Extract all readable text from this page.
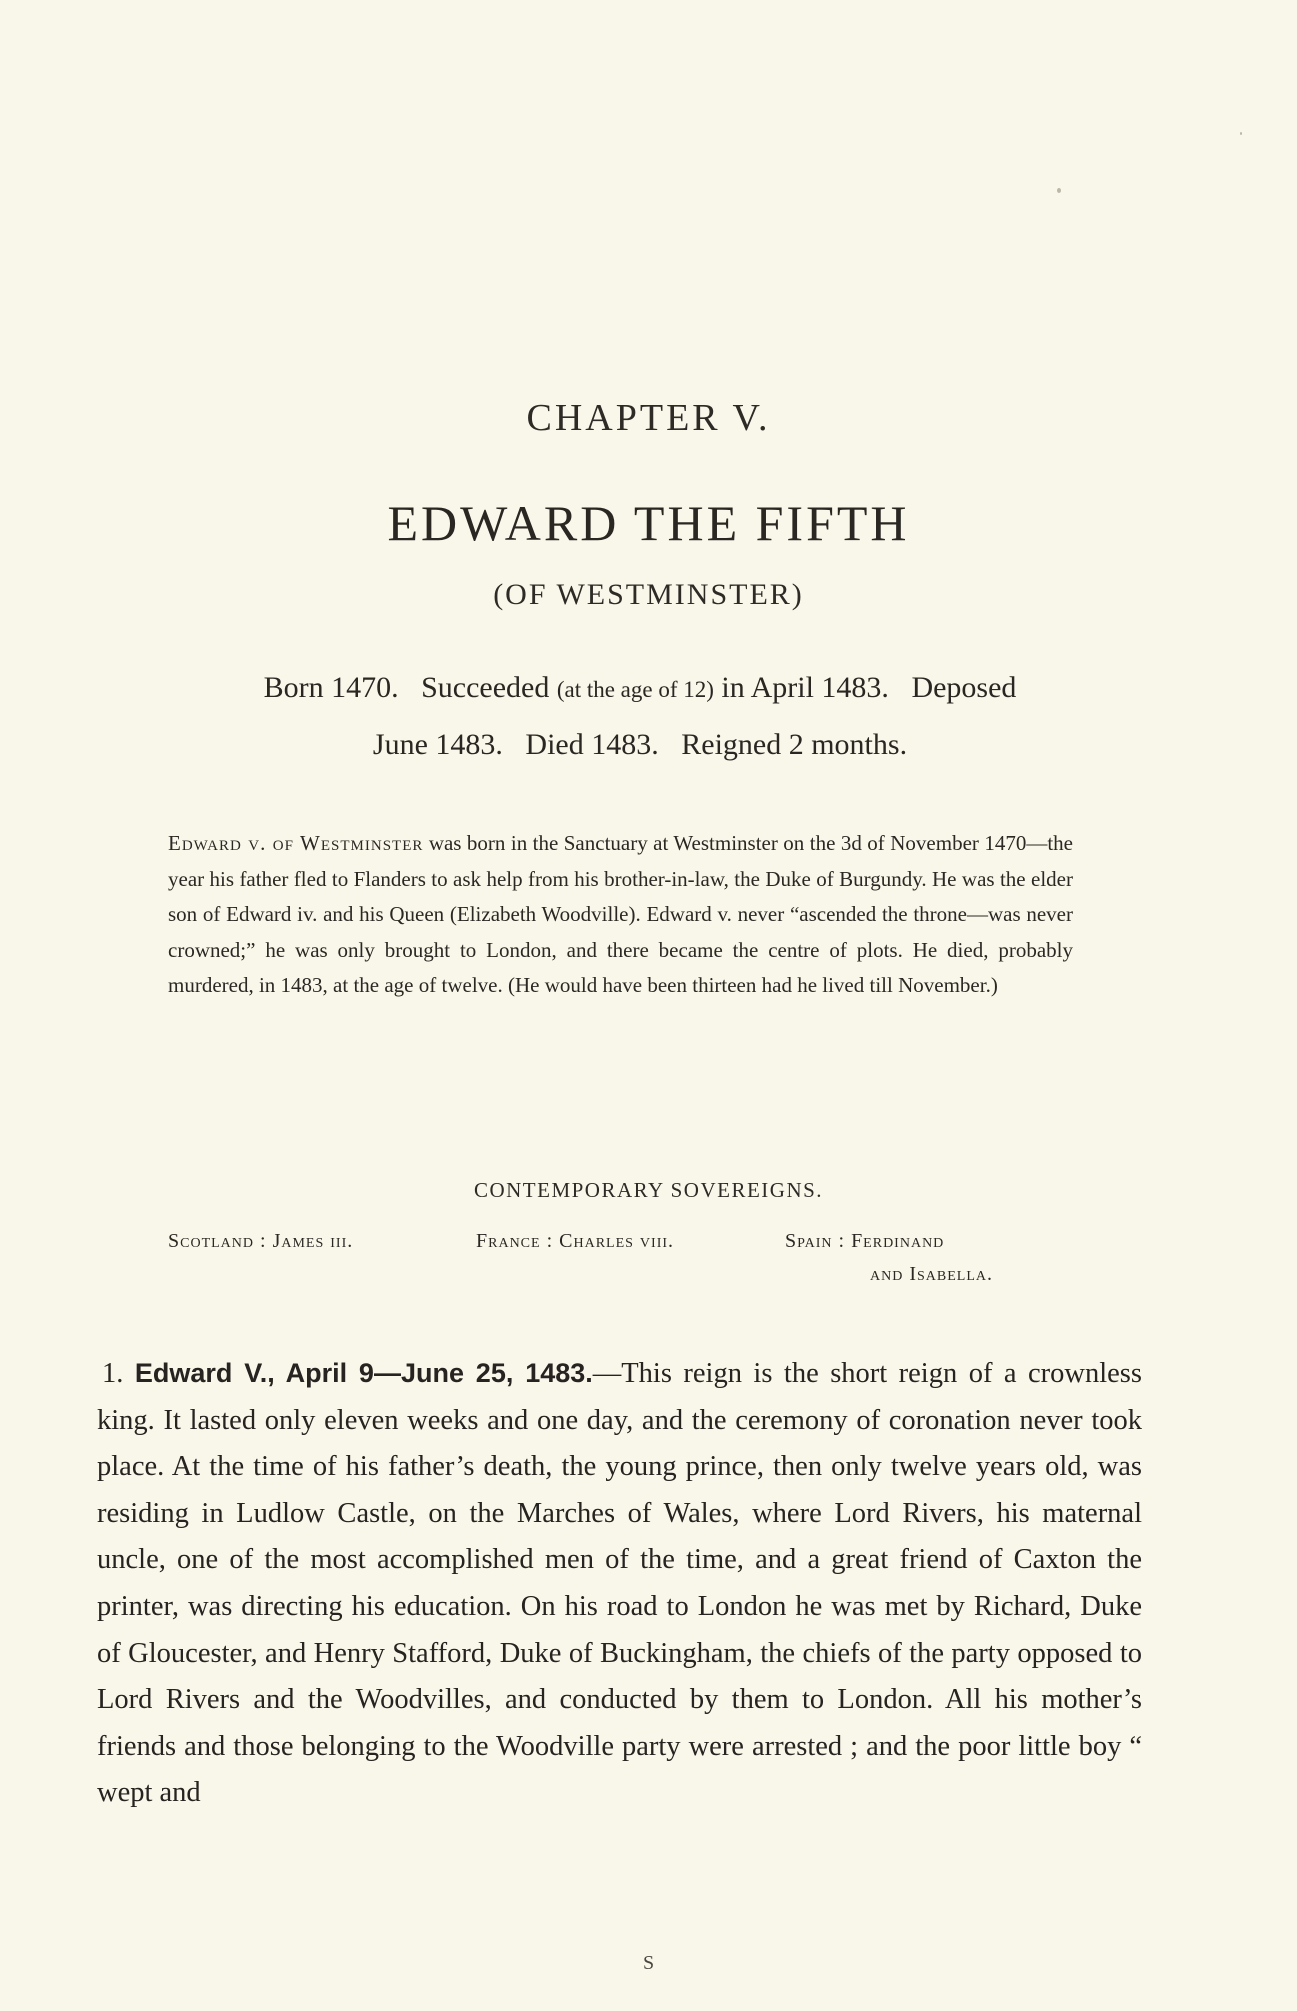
CHAPTER V.
EDWARD THE FIFTH
(OF WESTMINSTER)
Born 1470. Succeeded (at the age of 12) in April 1483. Deposed
June 1483. Died 1483. Reigned 2 months.
Edward v. of Westminster was born in the Sanctuary at Westminster on the 3d of November 1470—the year his father fled to Flanders to ask help from his brother-in-law, the Duke of Burgundy. He was the elder son of Edward iv. and his Queen (Elizabeth Woodville). Edward v. never “ascended the throne—was never crowned;” he was only brought to London, and there became the centre of plots. He died, probably murdered, in 1483, at the age of twelve. (He would have been thirteen had he lived till November.)
CONTEMPORARY SOVEREIGNS.
Scotland : James iii.	France : Charles viii.	Spain : Ferdinand
and Isabella.

1. Edward V., April 9—June 25, 1483.—This reign is the short reign of a crownless king. It lasted only eleven weeks and one day, and the ceremony of coronation never took place. At the time of his father’s death, the young prince, then only twelve years old, was residing in Ludlow Castle, on the Marches of Wales, where Lord Rivers, his maternal uncle, one of the most accomplished men of the time, and a great friend of Caxton the printer, was directing his education. On his road to London he was met by Richard, Duke of Gloucester, and Henry Stafford, Duke of Buckingham, the chiefs of the party opposed to Lord Rivers and the Woodvilles, and conducted by them to London. All his mother’s friends and those belonging to the Woodville party were arrested ; and the poor little boy “ wept and

S
